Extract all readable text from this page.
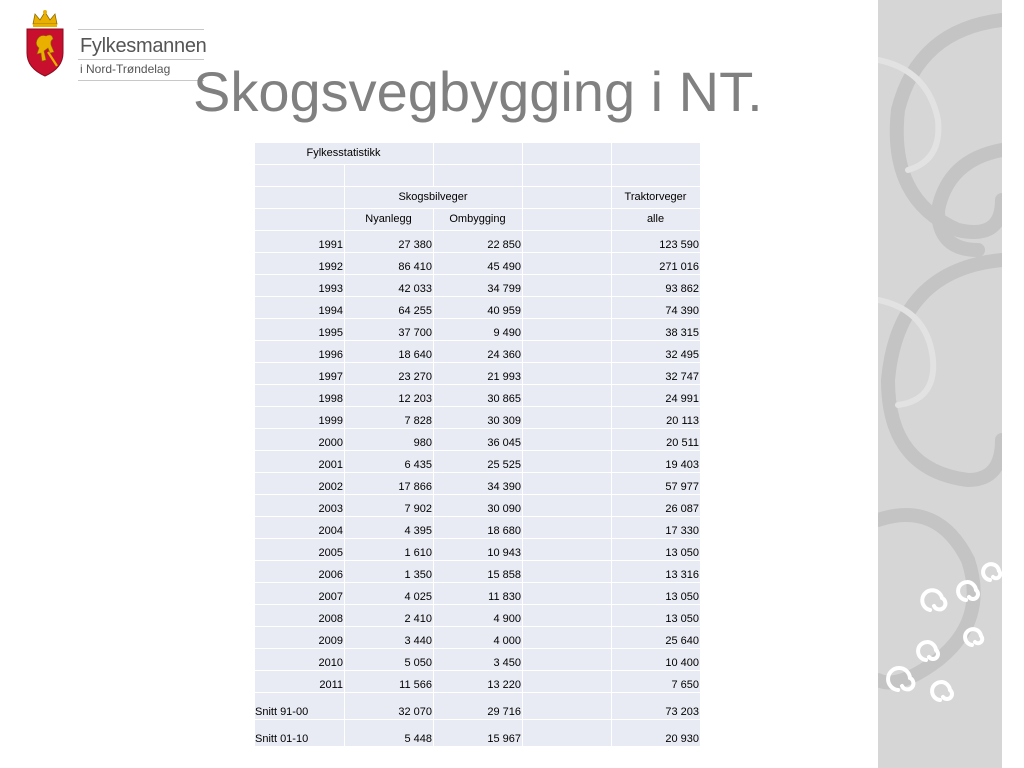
Fylkesmannen
i Nord-Trøndelag Skogsvegbygging i NT.
Fylkesstatistikk				

	Skogsbilveger			Traktorveger
	Nyanlegg	Ombygging		alle
1991	27 380	22 850		123 590
1992	86 410	45 490		271 016
1993	42 033	34 799		93 862
1994	64 255	40 959		74 390
1995	37 700	9 490		38 315
1996	18 640	24 360		32 495
1997	23 270	21 993		32 747
1998	12 203	30 865		24 991
1999	7 828	30 309		20 113
2000	980	36 045		20 511
2001	6 435	25 525		19 403
2002	17 866	34 390		57 977
2003	7 902	30 090		26 087
2004	4 395	18 680		17 330
2005	1 610	10 943		13 050
2006	1 350	15 858		13 316
2007	4 025	11 830		13 050
2008	2 410	4 900		13 050
2009	3 440	4 000		25 640
2010	5 050	3 450		10 400
2011	11 566	13 220		7 650
Snitt 91-00	32 070	29 716		73 203
Snitt 01-10	5 448	15 967		20 930
